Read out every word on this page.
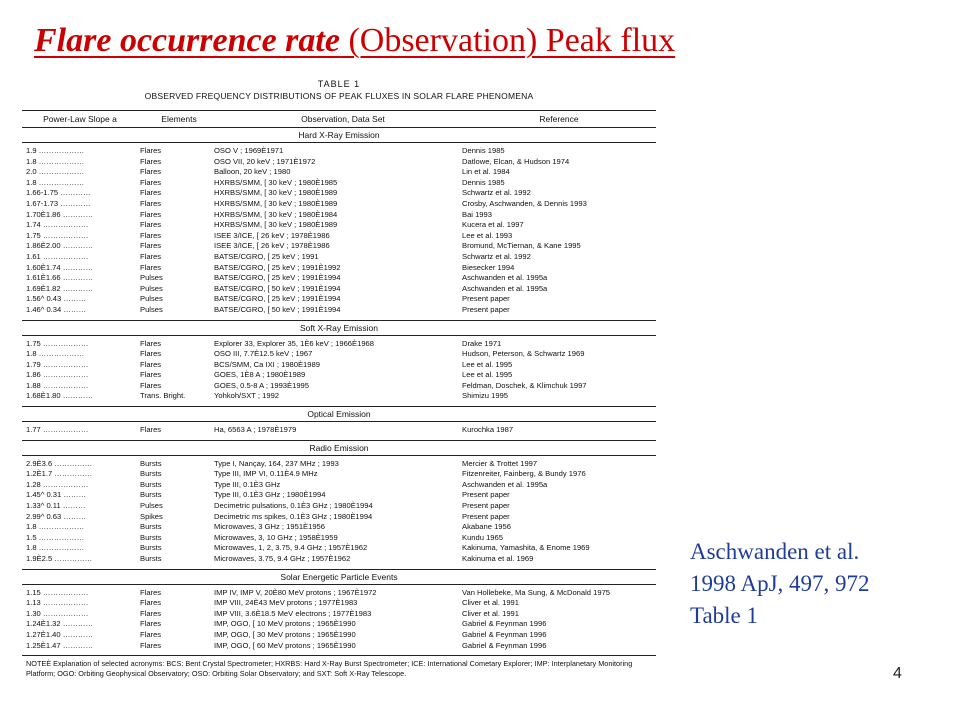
Flare occurrence rate (Observation) Peak flux
TABLE 1
OBSERVED FREQUENCY DISTRIBUTIONS OF PEAK FLUXES IN SOLAR FLARE PHENOMENA
Power-Law Slope a	Elements	Observation, Data Set	Reference
Hard X-Ray Emission
1.9 ………………	Flares	OSO V ; 1969È1971	Dennis 1985
1.8 ………………	Flares	OSO VII, 20 keV ; 1971È1972	Datlowe, Elcan, & Hudson 1974
2.0 ………………	Flares	Balloon, 20 keV ; 1980	Lin et al. 1984
1.8 ………………	Flares	HXRBS/SMM, [ 30 keV ; 1980È1985	Dennis 1985
1.66-1.75 …………	Flares	HXRBS/SMM, [ 30 keV ; 1980È1989	Schwartz et al. 1992
1.67-1.73 …………	Flares	HXRBS/SMM, [ 30 keV ; 1980È1989	Crosby, Aschwanden, & Dennis 1993
1.70È1.86 …………	Flares	HXRBS/SMM, [ 30 keV ; 1980È1984	Bai 1993
1.74 ………………	Flares	HXRBS/SMM, [ 30 keV ; 1980È1989	Kucera et al. 1997
1.75 ………………	Flares	ISEE 3/ICE, [ 26 keV ; 1978È1986	Lee et al. 1993
1.86È2.00 …………	Flares	ISEE 3/ICE, [ 26 keV ; 1978È1986	Bromund, McTiernan, & Kane 1995
1.61 ………………	Flares	BATSE/CGRO, [ 25 keV ; 1991	Schwartz et al. 1992
1.60È1.74 …………	Flares	BATSE/CGRO, [ 25 keV ; 1991È1992	Biesecker 1994
1.61È1.66 …………	Pulses	BATSE/CGRO, [ 25 keV ; 1991È1994	Aschwanden et al. 1995a
1.69È1.82 …………	Pulses	BATSE/CGRO, [ 50 keV ; 1991È1994	Aschwanden et al. 1995a
1.56^ 0.43 ………	Pulses	BATSE/CGRO, [ 25 keV ; 1991È1994	Present paper
1.46^ 0.34 ………	Pulses	BATSE/CGRO, [ 50 keV ; 1991È1994	Present paper
Soft X-Ray Emission
1.75 ………………	Flares	Explorer 33, Explorer 35, 1È6 keV ; 1966È1968	Drake 1971
1.8 ………………	Flares	OSO III, 7.7È12.5 keV ; 1967	Hudson, Peterson, & Schwartz 1969
1.79 ………………	Flares	BCS/SMM, Ca IXI ; 1980È1989	Lee et al. 1995
1.86 ………………	Flares	GOES, 1È8 A ; 1980È1989	Lee et al. 1995
1.88 ………………	Flares	GOES, 0.5-8 A ; 1993È1995	Feldman, Doschek, & Klimchuk 1997
1.68È1.80 …………	Trans. Bright.	Yohkoh/SXT ; 1992	Shimizu 1995
Optical Emission
1.77 ………………	Flares	Ha, 6563 A ; 1978È1979	Kurochka 1987
Radio Emission
2.9È3.6 ……………	Bursts	Type I, Nançay, 164, 237 MHz ; 1993	Mercier & Trottet 1997
1.2È1.7 ……………	Bursts	Type III, IMP VI, 0.11È4.9 MHz	Fitzenreiter, Fainberg, & Bundy 1976
1.28 ………………	Bursts	Type III, 0.1È3 GHz	Aschwanden et al. 1995a
1.45^ 0.31 ………	Bursts	Type III, 0.1È3 GHz ; 1980È1994	Present paper
1.33^ 0.11 ………	Pulses	Decimetric pulsations, 0.1È3 GHz ; 1980È1994	Present paper
2.99^ 0.63 ………	Spikes	Decimetric ms spikes, 0.1È3 GHz ; 1980È1994	Present paper
1.8 ………………	Bursts	Microwaves, 3 GHz ; 1951È1956	Akabane 1956
1.5 ………………	Bursts	Microwaves, 3, 10 GHz ; 1958È1959	Kundu 1965
1.8 ………………	Bursts	Microwaves, 1, 2, 3.75, 9.4 GHz ; 1957È1962	Kakinuma, Yamashita, & Enome 1969
1.9È2.5 ……………	Bursts	Microwaves, 3.75, 9.4 GHz ; 1957È1962	Kakinuma et al. 1969
Solar Energetic Particle Events
1.15 ………………	Flares	IMP IV, IMP V, 20È80 MeV protons ; 1967È1972	Van Hollebeke, Ma Sung, & McDonald 1975
1.13 ………………	Flares	IMP VIII, 24È43 MeV protons ; 1977È1983	Cliver et al. 1991
1.30 ………………	Flares	IMP VIII, 3.6È18.5 MeV electrons ; 1977È1983	Cliver et al. 1991
1.24È1.32 …………	Flares	IMP, OGO, [ 10 MeV protons ; 1965È1990	Gabriel & Feynman 1996
1.27È1.40 …………	Flares	IMP, OGO, [ 30 MeV protons ; 1965È1990	Gabriel & Feynman 1996
1.25È1.47 …………	Flares	IMP, OGO, [ 60 MeV protons ; 1965È1990	Gabriel & Feynman 1996
NOTEÈ Explanation of selected acronyms: BCS: Bent Crystal Spectrometer; HXRBS: Hard X-Ray Burst Spectrometer; ICE: International Cometary Explorer; IMP: Interplanetary Monitoring Platform; OGO: Orbiting Geophysical Observatory; OSO: Orbiting Solar Observatory; and SXT: Soft X-Ray Telescope.
Aschwanden et al.
1998 ApJ, 497, 972
Table 1
4
